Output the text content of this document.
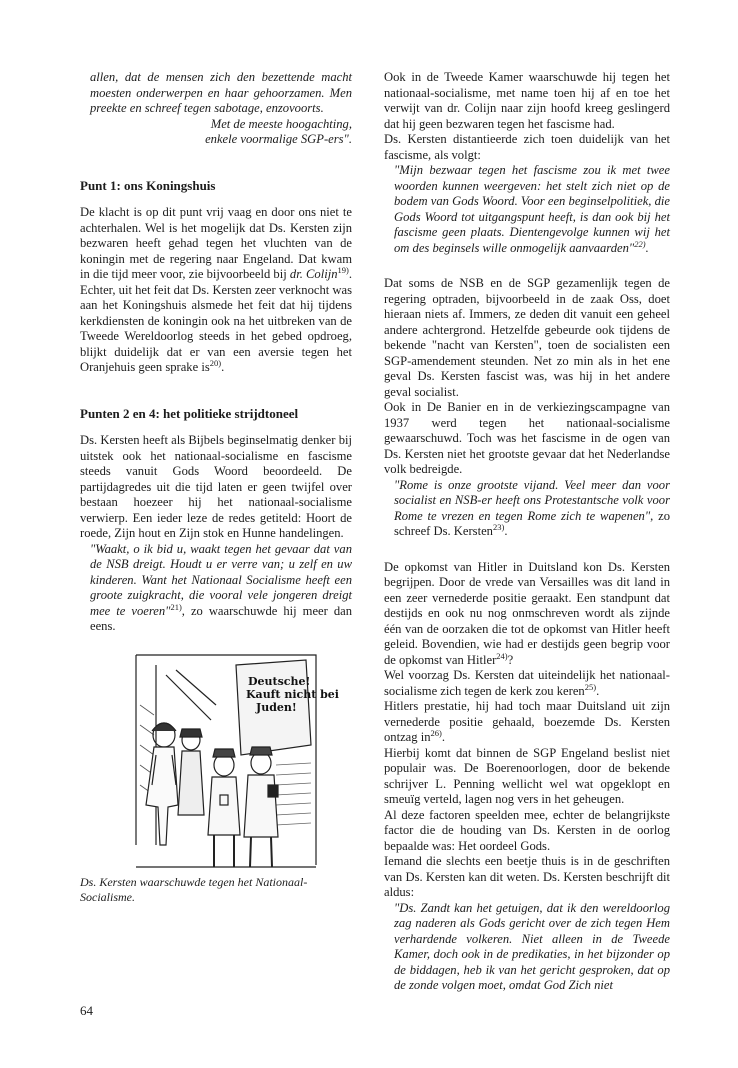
allen, dat de mensen zich den bezettende macht moesten onderwerpen en haar gehoorzamen. Men preekte en schreef tegen sabotage, enzovoorts.

Met de meeste hoogachting,
enkele voormalige SGP-ers".

Punt 1: ons Koningshuis

De klacht is op dit punt vrij vaag en door ons niet te achterhalen. Wel is het mogelijk dat Ds. Kersten zijn bezwaren heeft gehad tegen het vluchten van de koningin met de regering naar Engeland. Dat kwam in die tijd meer voor, zie bijvoorbeeld bij dr. Colijn$^{19)}$. Echter, uit het feit dat Ds. Kersten zeer verknocht was aan het Koningshuis alsmede het feit dat hij tijdens kerkdiensten de koningin ook na het uitbreken van de Tweede Wereldoorlog steeds in het gebed opdroeg, blijkt duidelijk dat er van een aversie tegen het Oranjehuis geen sprake $is^{20)}$.

Punten 2 en 4: het politieke strijdtoneel

Ds. Kersten heeft als Bijbels beginselmatig denker bij uitstek ook het nationaal-socialisme en fascisme steeds vanuit Gods Woord beoordeeld. De partijdagredes uit die tijd laten er geen twijfel over bestaan hoezeer hij het nationaal-socialisme verwierp. Een ieder leze de redes getiteld: Hoort de roede, Zijn hout en Zijn stok en Hunne handelingen.

"Waakt, o ik bid u, waakt tegen het gevaar dat van de NSB dreigt. Houdt u er verre van; u zelf en uw kinderen. Want het Nationaal Socialisme heeft een groote zuigkracht, die vooral vele jongeren dreigt mee te voeren"$^{21)}$, zo waarschuwde hij meer dan eens.

Deutsche! Kauft nicht bei Juden!

Ds. Kersten waarschuwde tegen het Nationaal-Socialisme.

Ook in de Tweede Kamer waarschuwde hij tegen het nationaal-socialisme, met name toen hij af en toe het verwijt van dr. Colijn naar zijn hoofd kreeg geslingerd dat hij geen bezwaren tegen het fascisme had.

Ds. Kersten distantieerde zich toen duidelijk van het fascisme, als volgt:

"Mijn bezwaar tegen het fascisme zou ik met twee woorden kunnen weergeven: het stelt zich niet op de bodem van Gods Woord. Voor een beginselpolitiek, die Gods Woord tot uitgangspunt heeft, is dan ook bij het fascisme geen plaats. Dientengevolge kunnen wij het om des beginsels wille onmogelijk aanvaarden"$^{22)}$.

Dat soms de NSB en de SGP gezamenlijk tegen de regering optraden, bijvoorbeeld in de zaak Oss, doet hieraan niets af. Immers, ze deden dit vanuit een geheel andere achtergrond. Hetzelfde gebeurde ook tijdens de bekende "nacht van Kersten", toen de socialisten een SGP-amendement steunden. Net zo min als in het ene geval Ds. Kersten fascist was, was hij in het andere geval socialist.

Ook in De Banier en in de verkiezingscampagne van 1937 werd tegen het nationaal-socialisme gewaarschuwd. Toch was het fascisme in de ogen van Ds. Kersten niet het grootste gevaar dat het Nederlandse volk bedreigde.

"Rome is onze grootste vijand. Veel meer dan voor socialist en NSB-er heeft ons Protestantsche volk voor Rome te vrezen en tegen Rome zich te wapenen", zo schreef Ds. Kersten$^{23)}$.

De opkomst van Hitler in Duitsland kon Ds. Kersten begrijpen. Door de vrede van Versailles was dit land in een zeer vernederde positie geraakt. Een standpunt dat destijds en ook nu nog onmschreven wordt als zijnde één van de oorzaken die tot de opkomst van Hitler heeft geleid. Bovendien, wie had er destijds geen begrip voor de opkomst van Hitler$^{24)}$?

Wel voorzag Ds. Kersten dat uiteindelijk het nationaal-socialisme zich tegen de kerk zou keren$^{25)}$.

Hitlers prestatie, hij had toch maar Duitsland uit zijn vernederde positie gehaald, boezemde Ds. Kersten ontzag $in^{26)}$.

Hierbij komt dat binnen de SGP Engeland beslist niet populair was. De Boerenoorlogen, door de bekende schrijver L. Penning wellicht wel wat opgeklopt en smeuïg verteld, lagen nog vers in het geheugen.

Al deze factoren speelden mee, echter de belangrijkste factor die de houding van Ds. Kersten in de oorlog bepaalde was: Het oordeel Gods.

Iemand die slechts een beetje thuis is in de geschriften van Ds. Kersten kan dit weten. Ds. Kersten beschrijft dit aldus:

"Ds. Zandt kan het getuigen, dat ik den wereldoorlog zag naderen als Gods gericht over de zich tegen Hem verhardende volkeren. Niet alleen in de Tweede Kamer, doch ook in de predikaties, in het bijzonder op de biddagen, heb ik van het gericht gesproken, dat op de zonde volgen moet, omdat God Zich niet

64
